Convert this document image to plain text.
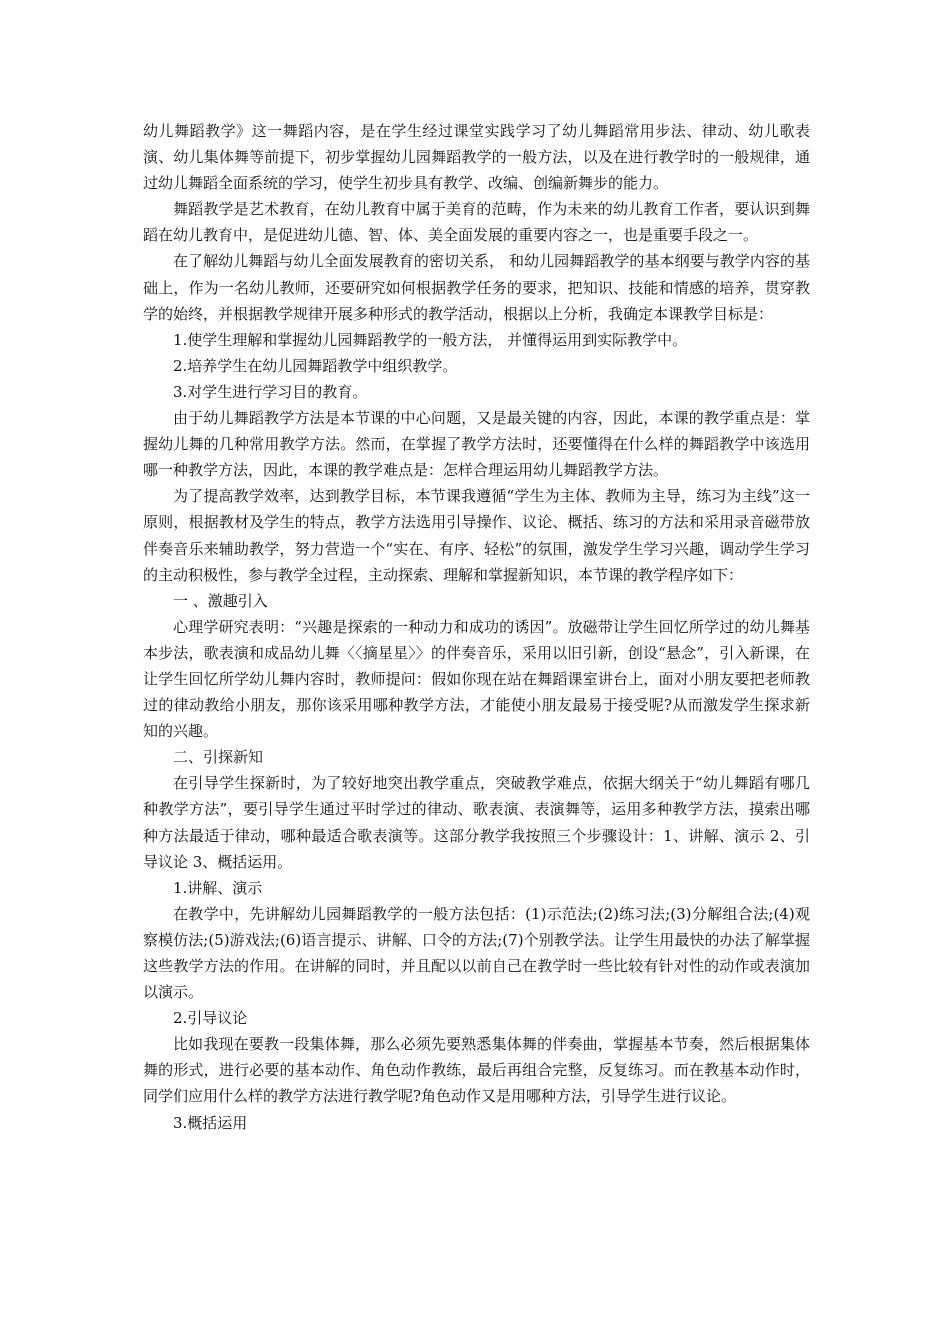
幼儿舞蹈教学》这一舞蹈内容，是在学生经过课堂实践学习了幼儿舞蹈常用步法、律动、幼儿歌表演、幼儿集体舞等前提下，初步掌握幼儿园舞蹈教学的一般方法，以及在进行教学时的一般规律，通过幼儿舞蹈全面系统的学习，使学生初步具有教学、改编、创编新舞步的能力。

舞蹈教学是艺术教育，在幼儿教育中属于美育的范畴，作为未来的幼儿教育工作者，要认识到舞蹈在幼儿教育中，是促进幼儿德、智、体、美全面发展的重要内容之一，也是重要手段之一。

在了解幼儿舞蹈与幼儿全面发展教育的密切关系， 和幼儿园舞蹈教学的基本纲要与教学内容的基础上，作为一名幼儿教师，还要研究如何根据教学任务的要求，把知识、技能和情感的培养，贯穿教学的始终，并根据教学规律开展多种形式的教学活动，根据以上分析，我确定本课教学目标是：

1.使学生理解和掌握幼儿园舞蹈教学的一般方法， 并懂得运用到实际教学中。

2.培养学生在幼儿园舞蹈教学中组织教学。

3.对学生进行学习目的教育。

由于幼儿舞蹈教学方法是本节课的中心问题，又是最关键的内容，因此，本课的教学重点是：掌握幼儿舞的几种常用教学方法。然而，在掌握了教学方法时，还要懂得在什么样的舞蹈教学中该选用哪一种教学方法，因此，本课的教学难点是：怎样合理运用幼儿舞蹈教学方法。

为了提高教学效率，达到教学目标，本节课我遵循“学生为主体、教师为主导，练习为主线”这一原则，根据教材及学生的特点，教学方法选用引导操作、议论、概括、练习的方法和采用录音磁带放伴奏音乐来辅助教学，努力营造一个“实在、有序、轻松”的氛围，激发学生学习兴趣，调动学生学习的主动积极性，参与教学全过程，主动探索、理解和掌握新知识，本节课的教学程序如下：

一 、激趣引入

心理学研究表明：“兴趣是探索的一种动力和成功的诱因”。放磁带让学生回忆所学过的幼儿舞基本步法，歌表演和成品幼儿舞〈〈摘星星〉〉的伴奏音乐，采用以旧引新，创设“悬念”，引入新课，在让学生回忆所学幼儿舞内容时，教师提问：假如你现在站在舞蹈课室讲台上，面对小朋友要把老师教过的律动教给小朋友，那你该采用哪种教学方法，才能使小朋友最易于接受呢?从而激发学生探求新知的兴趣。

二、引探新知

在引导学生探新时，为了较好地突出教学重点，突破教学难点，依据大纲关于“幼儿舞蹈有哪几种教学方法”，要引导学生通过平时学过的律动、歌表演、表演舞等，运用多种教学方法，摸索出哪种方法最适于律动，哪种最适合歌表演等。这部分教学我按照三个步骤设计：1、讲解、演示 2、引导议论 3、概括运用。

1.讲解、演示

在教学中，先讲解幼儿园舞蹈教学的一般方法包括：(1)示范法;(2)练习法;(3)分解组合法;(4)观察模仿法;(5)游戏法;(6)语言提示、讲解、口令的方法;(7)个别教学法。让学生用最快的办法了解掌握这些教学方法的作用。在讲解的同时，并且配以以前自己在教学时一些比较有针对性的动作或表演加以演示。

2.引导议论

比如我现在要教一段集体舞，那么必须先要熟悉集体舞的伴奏曲，掌握基本节奏，然后根据集体舞的形式，进行必要的基本动作、角色动作教练，最后再组合完整，反复练习。而在教基本动作时，同学们应用什么样的教学方法进行教学呢?角色动作又是用哪种方法，引导学生进行议论。

3.概括运用
